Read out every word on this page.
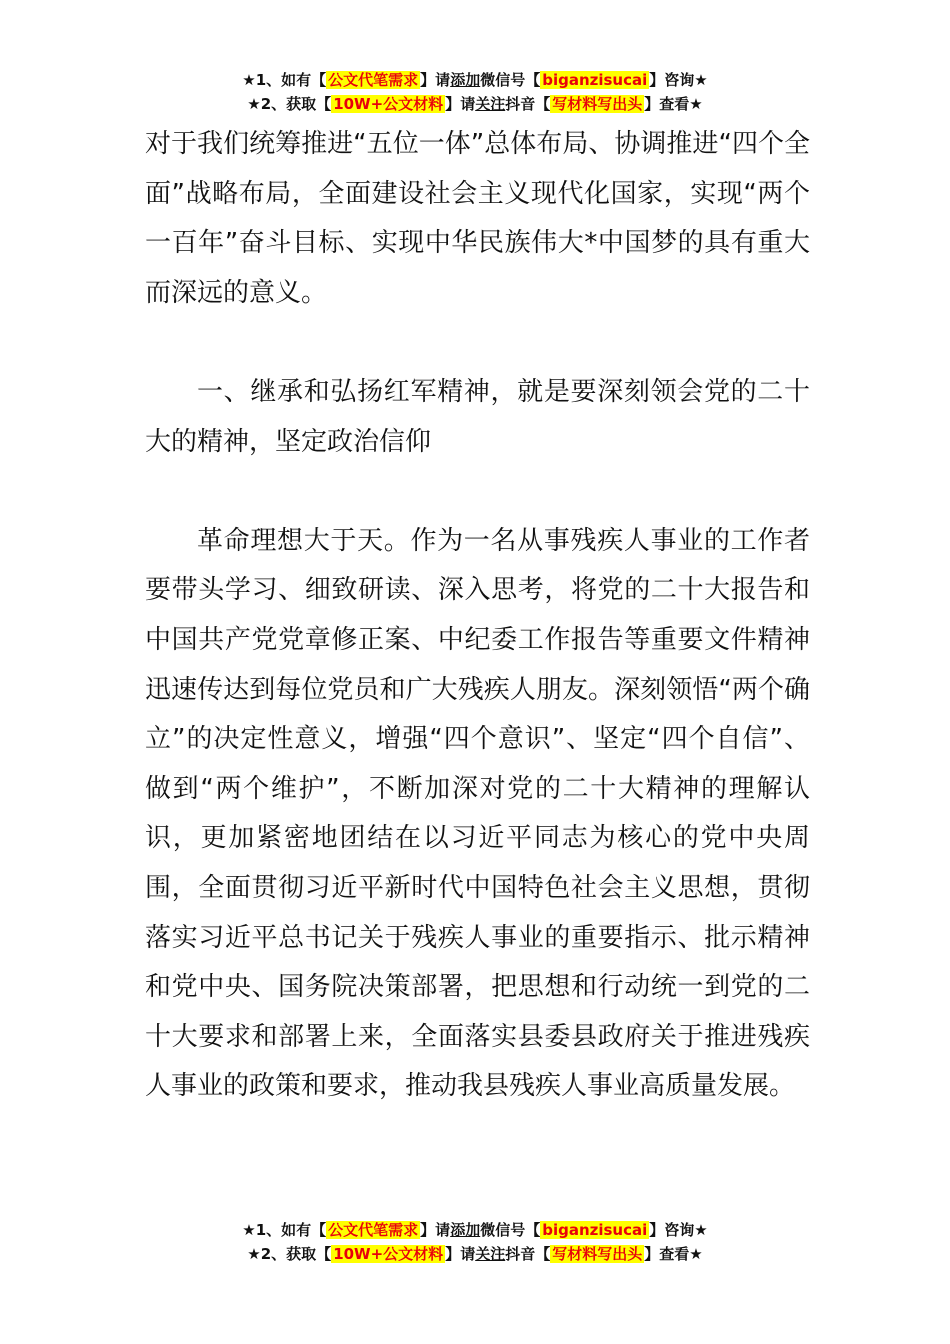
★1、如有【 公文代笔需求 】请添加微信号【 biganzisucai 】咨询★
★2、获取【 10W+公文材料 】请关注抖音【 写材料写出头 】查看★

对于我们统筹推进“五位一体”总体布局、协调推进“四个全面”战略布局，全面建设社会主义现代化国家，实现“两个一百年”奋斗目标、实现中华民族伟大*中国梦的具有重大而深远的意义。

一、继承和弘扬红军精神，就是要深刻领会党的二十大的精神，坚定政治信仰

革命理想大于天。作为一名从事残疾人事业的工作者要带头学习、细致研读、深入思考，将党的二十大报告和中国共产党党章修正案、中纪委工作报告等重要文件精神迅速传达到每位党员和广大残疾人朋友。深刻领悟“两个确立”的决定性意义，增强“四个意识”、坚定“四个自信”、做到“两个维护”，不断加深对党的二十大精神的理解认识，更加紧密地团结在以习近平同志为核心的党中央周围，全面贯彻习近平新时代中国特色社会主义思想，贯彻落实习近平总书记关于残疾人事业的重要指示、批示精神和党中央、国务院决策部署，把思想和行动统一到党的二十大要求和部署上来，全面落实县委县政府关于推进残疾人事业的政策和要求，推动我县残疾人事业高质量发展。

★1、如有【 公文代笔需求 】请添加微信号【 biganzisucai 】咨询★
★2、获取【 10W+公文材料 】请关注抖音【 写材料写出头 】查看★
